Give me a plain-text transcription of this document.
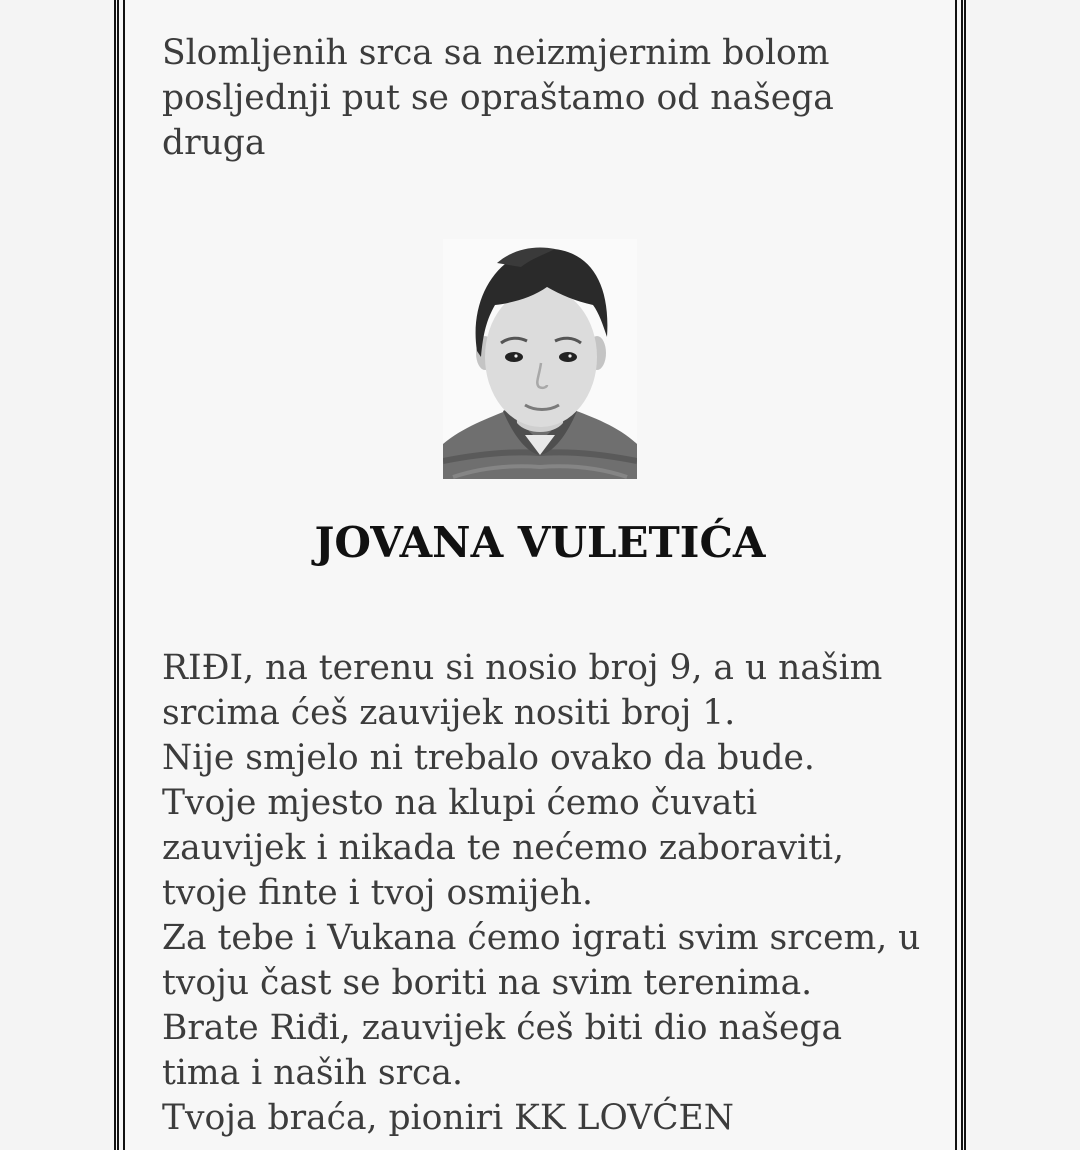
Slomljenih srca sa neizmjernim bolom
posljednji put se opraštamo od našega
druga

JOVANA VULETIĆA

RIĐI, na terenu si nosio broj 9, a u našim
srcima ćeš zauvijek nositi broj 1.
Nije smjelo ni trebalo ovako da bude.
Tvoje mjesto na klupi ćemo čuvati
zauvijek i nikada te nećemo zaboraviti,
tvoje finte i tvoj osmijeh.
Za tebe i Vukana ćemo igrati svim srcem, u
tvoju čast se boriti na svim terenima.
Brate Riđi, zauvijek ćeš biti dio našega
tima i naših srca.
Tvoja braća, pioniri KK LOVĆEN
